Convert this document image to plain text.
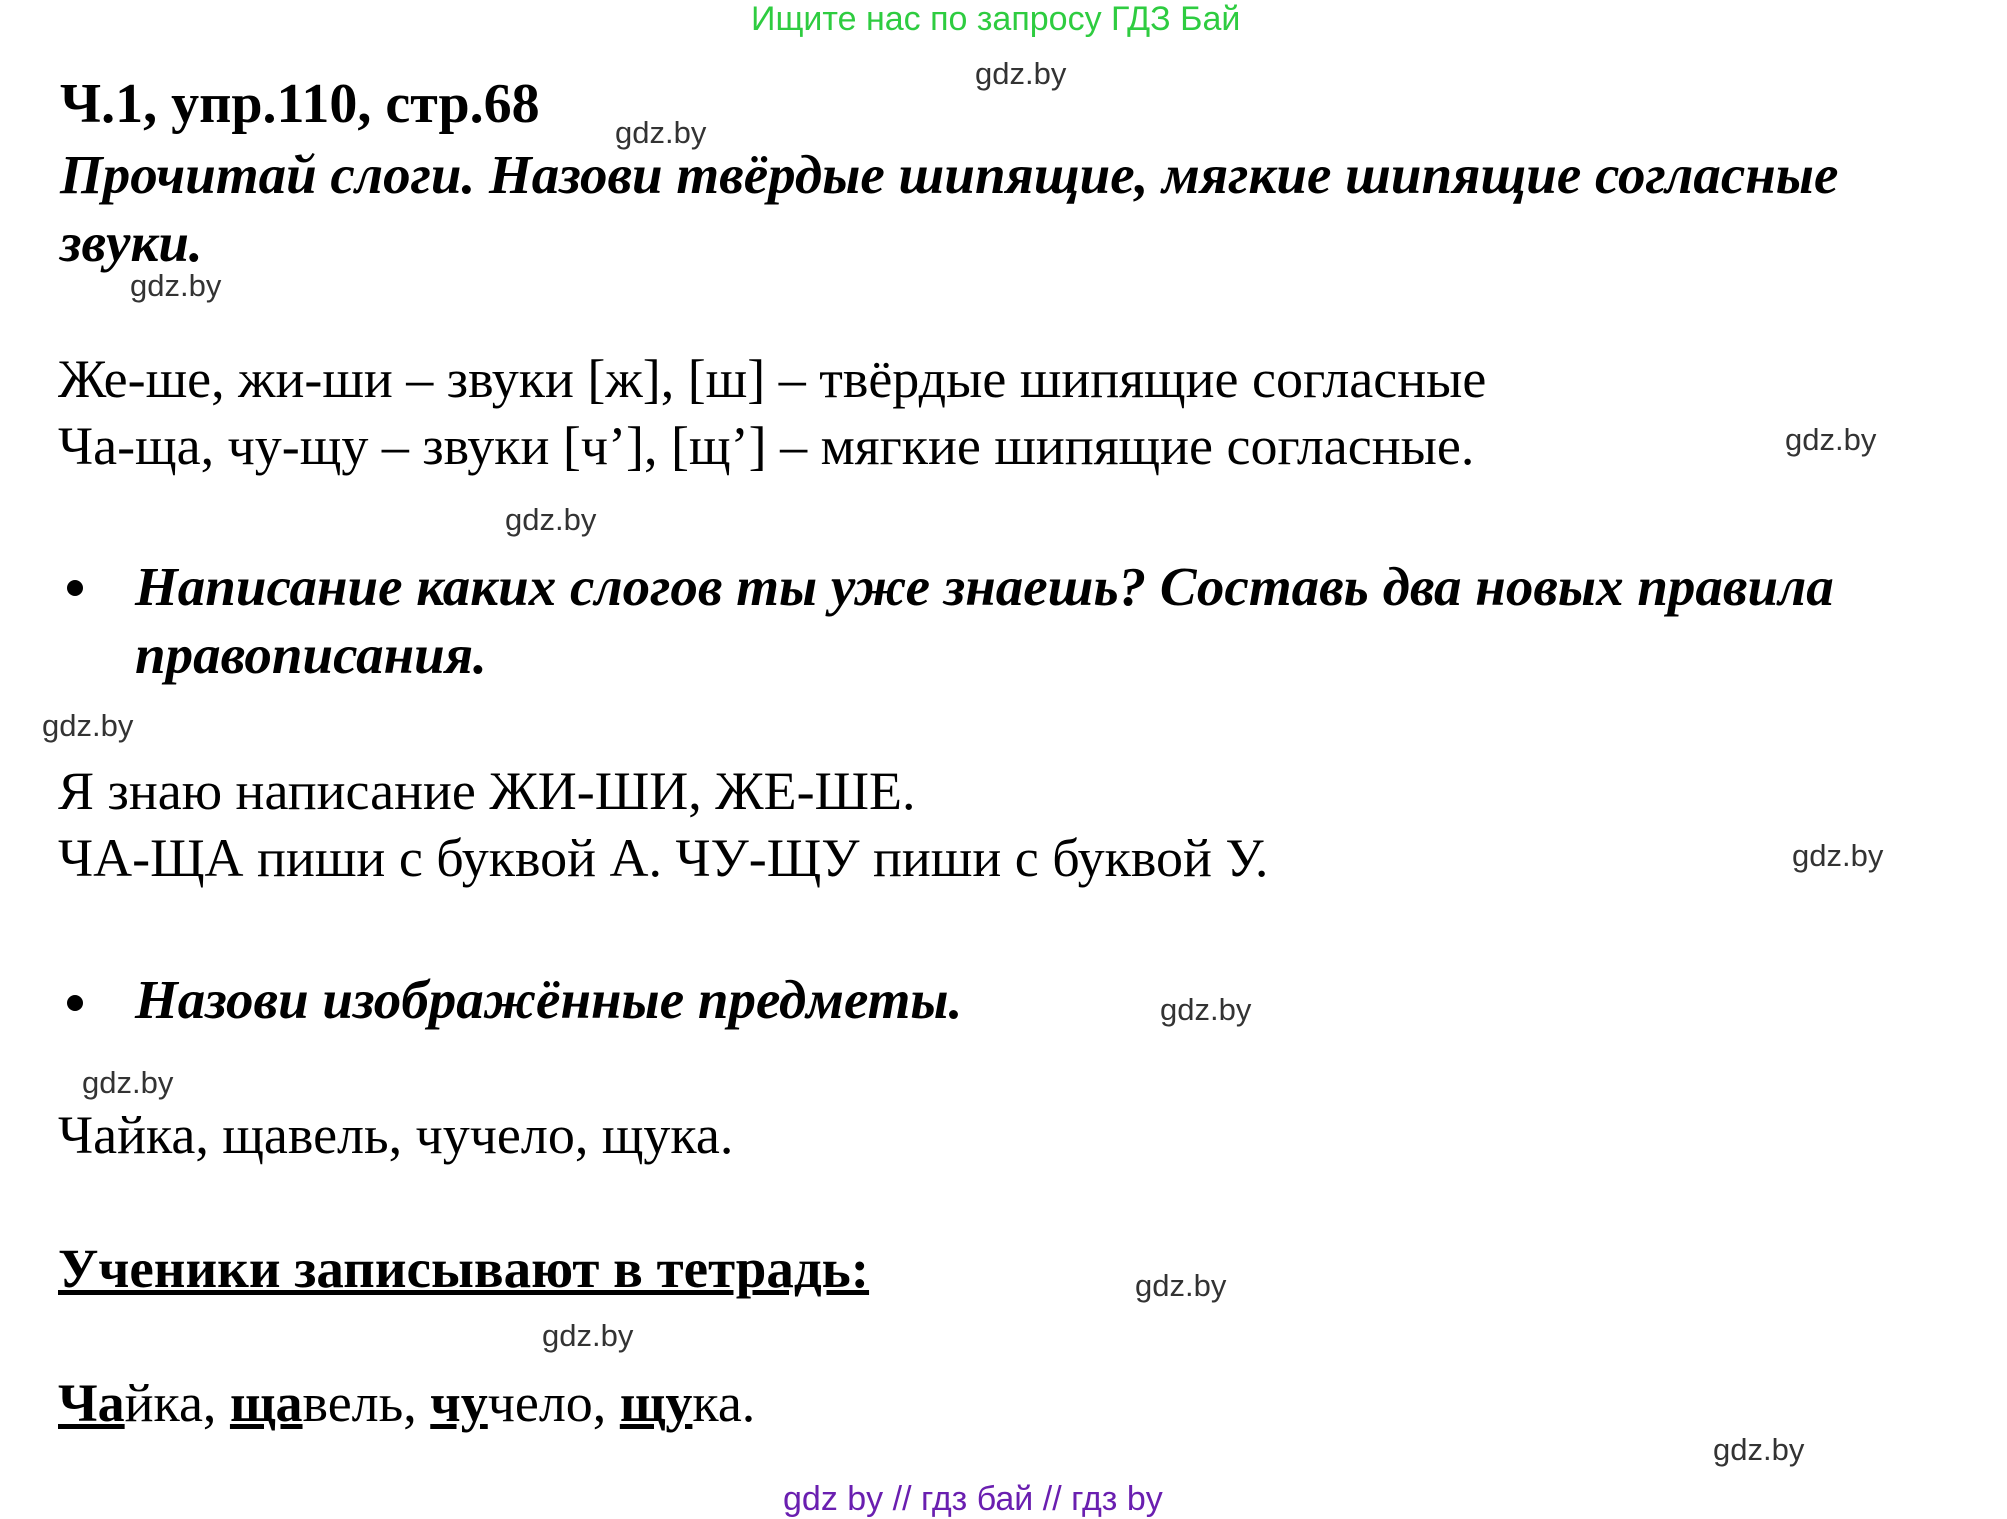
Ищите нас по запросу ГДЗ Бай
Ч.1, упр.110, стр.68
Прочитай слоги. Назови твёрдые шипящие, мягкие шипящие согласные
звуки.
Же-ше, жи-ши – звуки [ж], [ш] – твёрдые шипящие согласные
Ча-ща, чу-щу – звуки [ч’], [щ’] – мягкие шипящие согласные.
Написание каких слогов ты уже знаешь? Составь два новых правила
правописания.
Я знаю написание ЖИ-ШИ, ЖЕ-ШЕ.
ЧА-ЩА пиши с буквой А. ЧУ-ЩУ пиши с буквой У.
Назови изображённые предметы.
Чайка, щавель, чучело, щука.
Ученики записывают в тетрадь:
Чайка, щавель, чучело, щука.
gdz.by
gdz.by
gdz.by
gdz.by
gdz.by
gdz.by
gdz.by
gdz.by
gdz.by
gdz.by
gdz.by
gdz.by
gdz by // гдз бай // гдз by
